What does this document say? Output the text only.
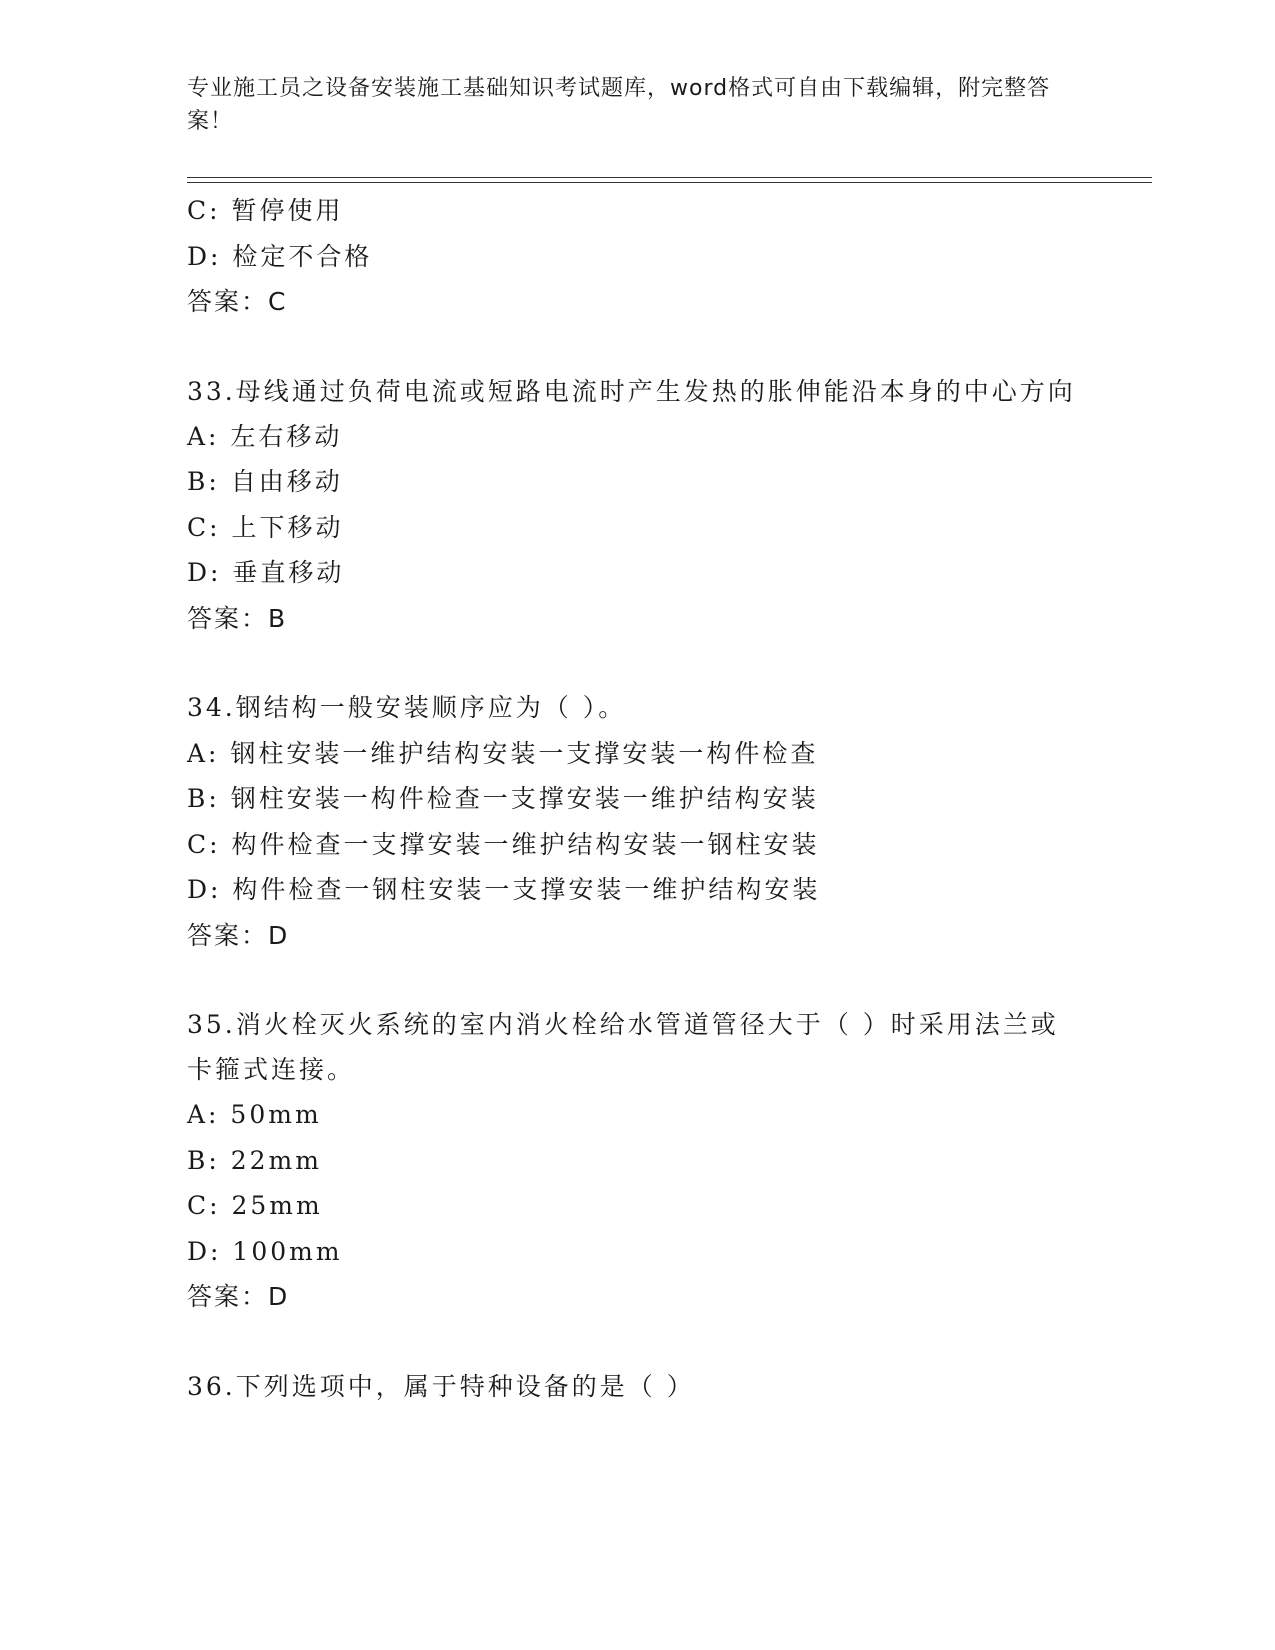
专业施工员之设备安装施工基础知识考试题库，word格式可自由下载编辑，附完整答案！
C: 暂停使用
D: 检定不合格
答案：C
33.母线通过负荷电流或短路电流时产生发热的胀伸能沿本身的中心方向
A: 左右移动
B: 自由移动
C: 上下移动
D: 垂直移动
答案：B
34.钢结构一般安装顺序应为（ ）。
A: 钢柱安装一维护结构安装一支撑安装一构件检查
B: 钢柱安装一构件检查一支撑安装一维护结构安装
C: 构件检查一支撑安装一维护结构安装一钢柱安装
D: 构件检查一钢柱安装一支撑安装一维护结构安装
答案：D
35.消火栓灭火系统的室内消火栓给水管道管径大于（ ）时采用法兰或卡箍式连接。
A: 50mm
B: 22mm
C: 25mm
D: 100mm
答案：D
36.下列选项中，属于特种设备的是（ ）
